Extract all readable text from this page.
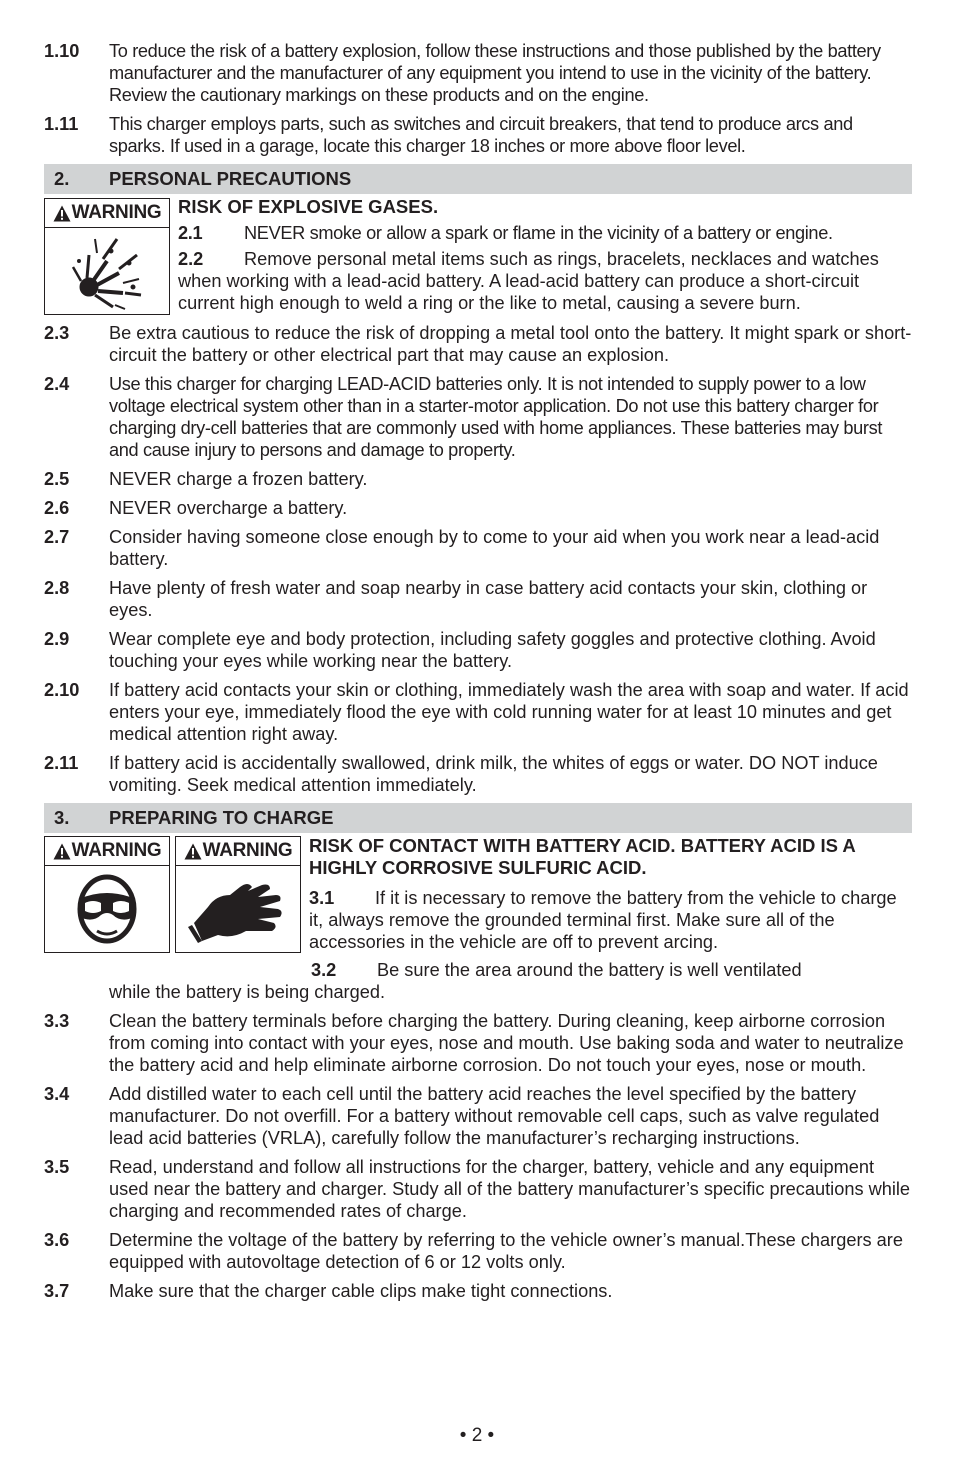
1.10	To reduce the risk of a battery explosion, follow these instructions and those published by the battery manufacturer and the manufacturer of any equipment you intend to use in the vicinity of the battery. Review the cautionary markings on these products and on the engine.
1.11	This charger employs parts, such as switches and circuit breakers, that tend to produce arcs and sparks. If used in a garage, locate this charger 18 inches or more above floor level.
2.	PERSONAL PRECAUTIONS
WARNING RISK OF EXPLOSIVE GASES.
2.1 NEVER smoke or allow a spark or flame in the vicinity of a battery or engine.
2.2 Remove personal metal items such as rings, bracelets, necklaces and watches when working with a lead-acid battery. A lead-acid battery can produce a short-circuit current high enough to weld a ring or the like to metal, causing a severe burn.
2.3	Be extra cautious to reduce the risk of dropping a metal tool onto the battery. It might spark or short-circuit the battery or other electrical part that may cause an explosion.
2.4	Use this charger for charging LEAD-ACID batteries only. It is not intended to supply power to a low voltage electrical system other than in a starter-motor application. Do not use this battery charger for charging dry-cell batteries that are commonly used with home appliances. These batteries may burst and cause injury to persons and damage to property.
2.5	NEVER charge a frozen battery.
2.6	NEVER overcharge a battery.
2.7	Consider having someone close enough by to come to your aid when you work near a lead-acid battery.
2.8	Have plenty of fresh water and soap nearby in case battery acid contacts your skin, clothing or eyes.
2.9	Wear complete eye and body protection, including safety goggles and protective clothing. Avoid touching your eyes while working near the battery.
2.10	If battery acid contacts your skin or clothing, immediately wash the area with soap and water. If acid enters your eye, immediately flood the eye with cold running water for at least 10 minutes and get medical attention right away.
2.11	If battery acid is accidentally swallowed, drink milk, the whites of eggs or water. DO NOT induce vomiting. Seek medical attention immediately.
3.	PREPARING TO CHARGE
WARNING WARNING RISK OF CONTACT WITH BATTERY ACID. BATTERY ACID IS A HIGHLY CORROSIVE SULFURIC ACID.
3.1 If it is necessary to remove the battery from the vehicle to charge it, always remove the grounded terminal first. Make sure all of the accessories in the vehicle are off to prevent arcing.
3.2 Be sure the area around the battery is well ventilated
while the battery is being charged.
3.3	Clean the battery terminals before charging the battery. During cleaning, keep airborne corrosion from coming into contact with your eyes, nose and mouth. Use baking soda and water to neutralize the battery acid and help eliminate airborne corrosion. Do not touch your eyes, nose or mouth.
3.4	Add distilled water to each cell until the battery acid reaches the level specified by the battery manufacturer. Do not overfill. For a battery without removable cell caps, such as valve regulated lead acid batteries (VRLA), carefully follow the manufacturer’s recharging instructions.
3.5	Read, understand and follow all instructions for the charger, battery, vehicle and any equipment used near the battery and charger. Study all of the battery manufacturer’s specific precautions while charging and recommended rates of charge.
3.6	Determine the voltage of the battery by referring to the vehicle owner’s manual.These chargers are equipped with autovoltage detection of 6 or 12 volts only.
3.7	Make sure that the charger cable clips make tight connections.
• 2 •
